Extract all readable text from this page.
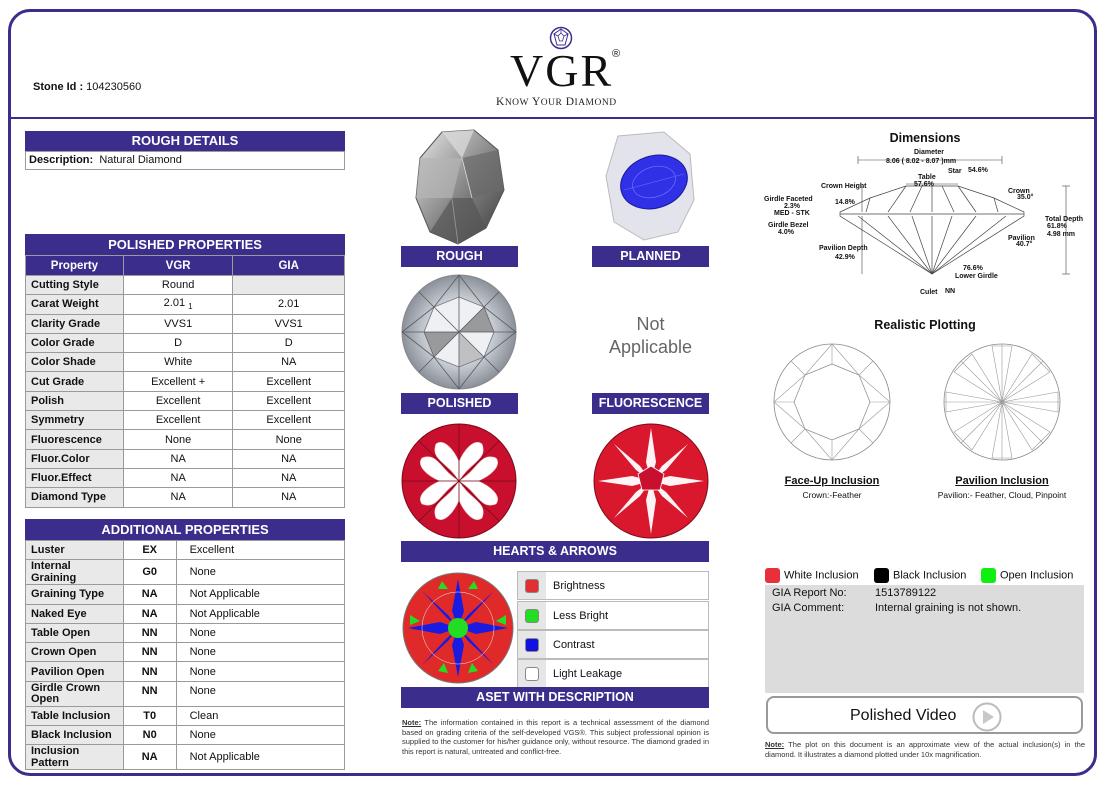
Stone Id : 104230560	VGR
®
KNOW YOUR DIAMOND
ROUGH DETAILS
Description: Natural Diamond
POLISHED PROPERTIES
Property	VGR	GIA
Cutting Style	Round	
Carat Weight	2.01 $_1$	2.01
Clarity Grade	VVS1	VVS1
Color Grade	D	D
Color Shade	White	NA
Cut Grade	Excellent +	Excellent
Polish	Excellent	Excellent
Symmetry	Excellent	Excellent
Fluorescence	None	None
Fluor.Color	NA	NA
Fluor.Effect	NA	NA
Diamond Type	NA	NA
ADDITIONAL PROPERTIES
Luster	EX	Excellent
Internal Graining	G0	None
Graining Type	NA	Not Applicable
Naked Eye	NA	Not Applicable
Table Open	NN	None
Crown Open	NN	None
Pavilion Open	NN	None
Girdle Crown Open	NN	None
Table Inclusion	T0	Clean
Black Inclusion	N0	None
Inclusion Pattern	NA	Not Applicable
ROUGH	PLANNED
POLISHED
Not
Applicable
FLUORESCENCE
HEARTS & ARROWS
Brightness
Less Bright
Contrast
Light Leakage
ASET WITH DESCRIPTION
Note: The information contained in this report is a technical assessment of the diamond based on grading criteria of the self-developed VGS®. This subject professional opinion is supplied to the customer for his/her guidance only, without resource. The diamond graded in this report is natural, untreated and conflict-free.
Dimensions
Diameter
8.06 ( 8.02 - 8.07 )mm
Star 54.6%
Table
57.6%
Crown Height
14.8%
Crown
35.0°
Girdle Faceted
2.3%
MED - STK
Girdle Bezel
4.0%
Total Depth
61.8%
4.98 mm
Pavilion
40.7°
Pavilion Depth
42.9%
76.6%
Lower Girdle
Culet NN
Realistic Plotting
Face-Up Inclusion
Crown:-Feather
Pavilion Inclusion
Pavilion:- Feather, Cloud, Pinpoint
White Inclusion	Black Inclusion	Open Inclusion
GIA Report No:	1513789122
GIA Comment:	Internal graining is not shown.
Polished Video
Note: The plot on this document is an approximate view of the actual inclusion(s) in the diamond. It illustrates a diamond plotted under 10x magnification.
